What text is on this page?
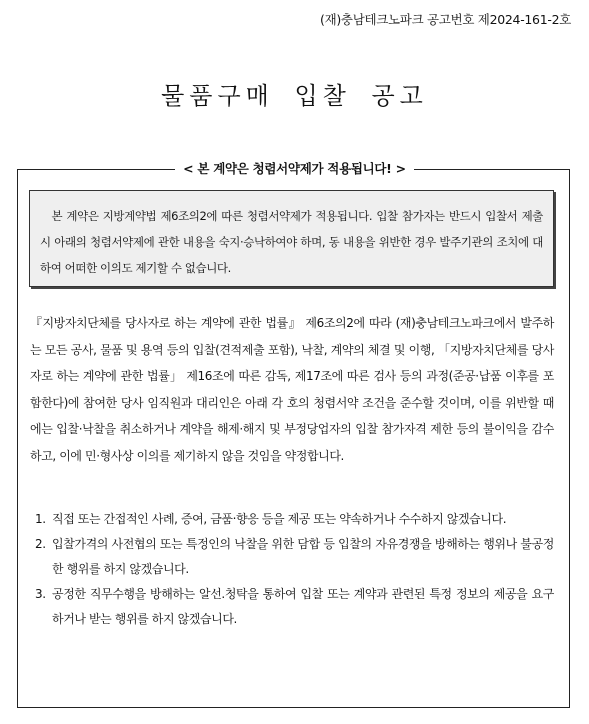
(재)충남테크노파크 공고번호 제2024-161-2호
물품구매 입찰 공고
< 본 계약은 청렴서약제가 적용됩니다! >
본 계약은 지방계약법 제6조의2에 따른 청렴서약제가 적용됩니다. 입찰 참가자는 반드시 입찰서 제출시 아래의 청렴서약제에 관한 내용을 숙지‧승낙하여야 하며, 동 내용을 위반한 경우 발주기관의 조치에 대하여 어떠한 이의도 제기할 수 없습니다.

『지방자치단체를 당사자로 하는 계약에 관한 법률』 제6조의2에 따라 (재)충남테크노파크에서 발주하는 모든 공사, 물품 및 용역 등의 입찰(견적제출 포함), 낙찰, 계약의 체결 및 이행, 「지방자치단체를 당사자로 하는 계약에 관한 법률」 제16조에 따른 감독, 제17조에 따른 검사 등의 과정(준공·납품 이후를 포함한다)에 참여한 당사 임직원과 대리인은 아래 각 호의 청렴서약 조건을 준수할 것이며, 이를 위반할 때에는 입찰·낙찰을 취소하거나 계약을 해제·해지 및 부정당업자의 입찰 참가자격 제한 등의 불이익을 감수하고, 이에 민·형사상 이의를 제기하지 않을 것임을 약정합니다.

1. 직접 또는 간접적인 사례, 증여, 금품‧향응 등을 제공 또는 약속하거나 수수하지 않겠습니다.
2. 입찰가격의 사전협의 또는 특정인의 낙찰을 위한 담합 등 입찰의 자유경쟁을 방해하는 행위나 불공정한 행위를 하지 않겠습니다.
3. 공정한 직무수행을 방해하는 알선.청탁을 통하여 입찰 또는 계약과 관련된 특정 정보의 제공을 요구하거나 받는 행위를 하지 않겠습니다.
